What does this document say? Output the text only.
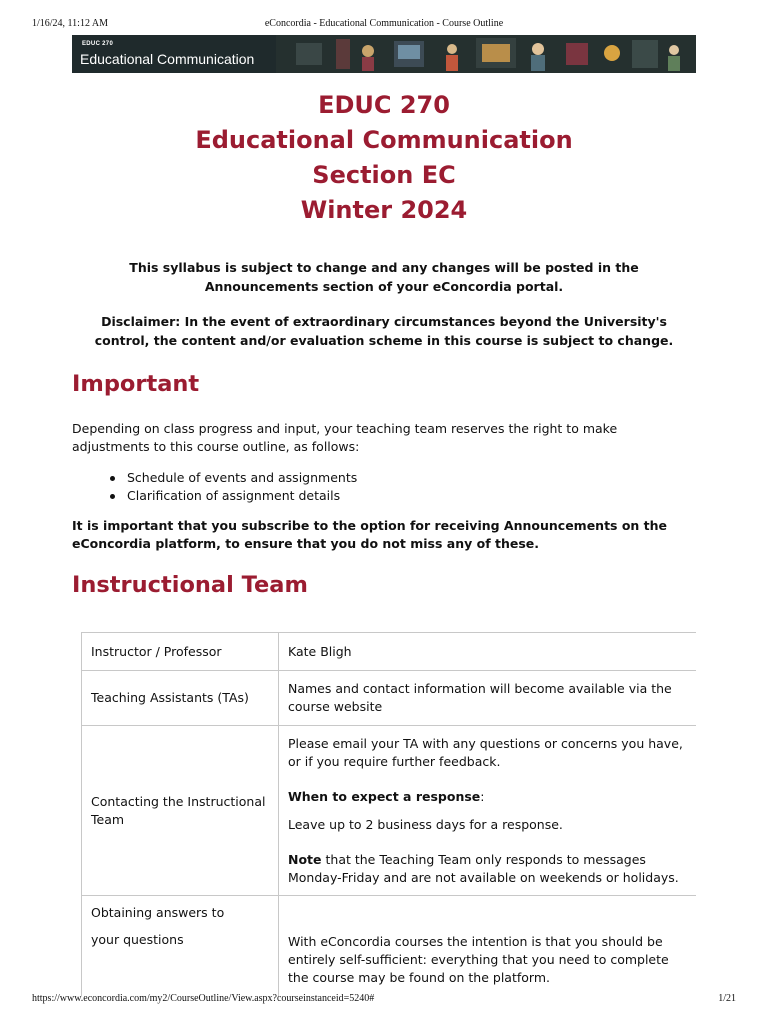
1/16/24, 11:12 AM	eConcordia - Educational Communication - Course Outline
EDUC 270
Educational Communication
EDUC 270
Educational Communication
Section EC
Winter 2024

This syllabus is subject to change and any changes will be posted in the Announcements section of your eConcordia portal.

Disclaimer: In the event of extraordinary circumstances beyond the University's control, the content and/or evaluation scheme in this course is subject to change.

Important

Depending on class progress and input, your teaching team reserves the right to make adjustments to this course outline, as follows:

Schedule of events and assignments
Clarification of assignment details

It is important that you subscribe to the option for receiving Announcements on the eConcordia platform, to ensure that you do not miss any of these.

Instructional Team
Instructor / Professor	Kate Bligh
Teaching Assistants (TAs)	Names and contact information will become available via the course website
Contacting the Instructional Team	Please email your TA with any questions or concerns you have, or if you require further feedback.

When to expect a response:

Leave up to 2 business days for a response.

Note that the Teaching Team only responds to messages Monday-Friday and are not available on weekends or holidays.

Obtaining answers to

your questions	With eConcordia courses the intention is that you should be entirely self-sufficient: everything that you need to complete the course may be found on the platform.

https://www.econcordia.com/my2/CourseOutline/View.aspx?courseinstanceid=5240#	1/21
